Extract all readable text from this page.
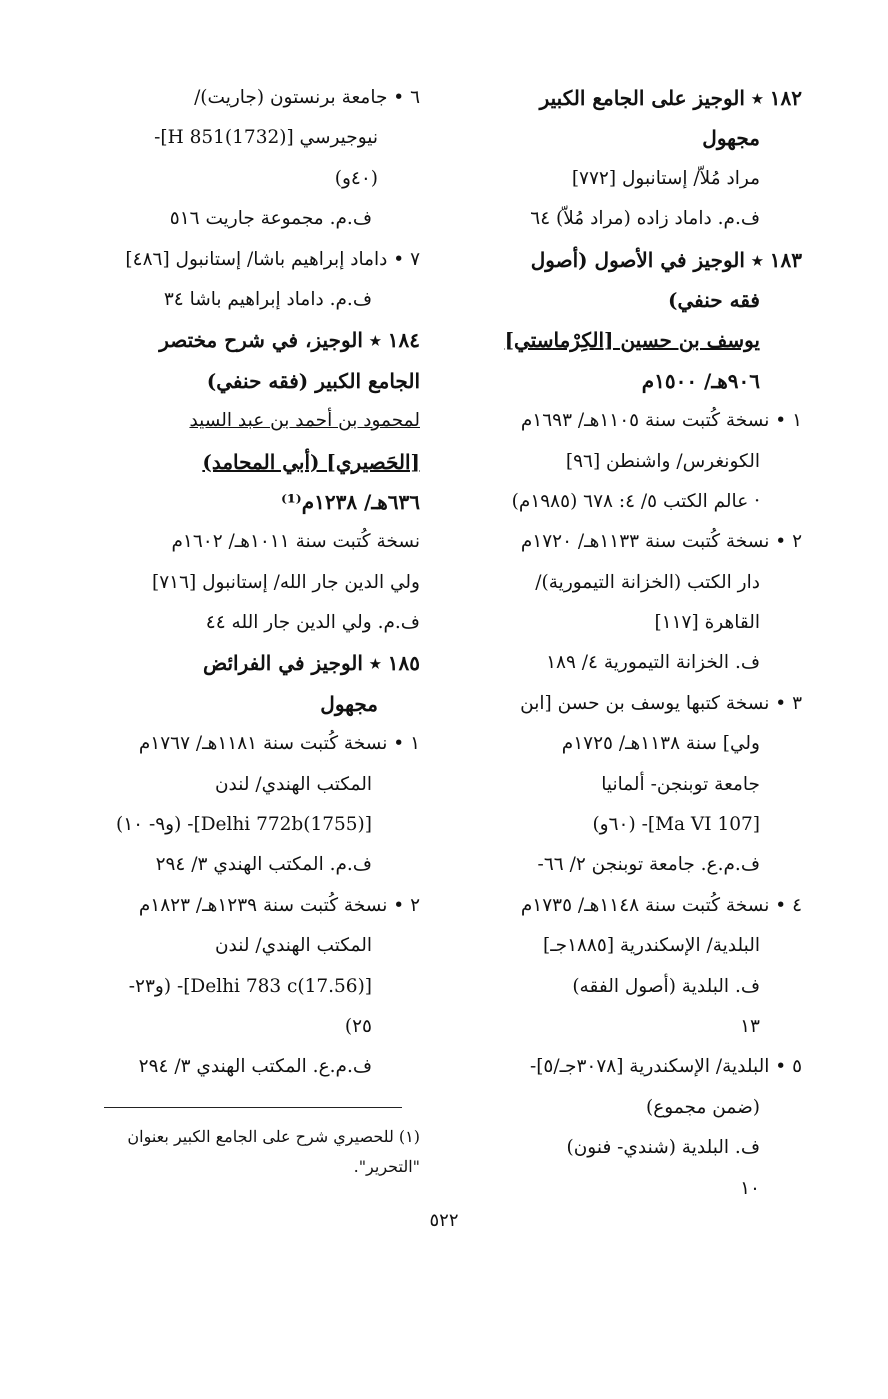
١٨٢ ٭ الوجيز على الجامع الكبير
مجهول
مراد مُلاّ/ إستانبول [٧٧٢]
ف.م. داماد زاده (مراد مُلاّ) ٦٤
١٨٣ ٭ الوجيز في الأصول (أصول
فقه حنفي)
يوسف بن حسين [الكِرْماستي]
٩٠٦هـ/ ١٥٠٠م
١ • نسخة كُتبت سنة ١١٠٥هـ/ ١٦٩٣م
الكونغرس/ واشنطن [٩٦]
· عالم الكتب ٥/ ٤: ٦٧٨ (١٩٨٥م)
٢ • نسخة كُتبت سنة ١١٣٣هـ/ ١٧٢٠م
دار الكتب (الخزانة التيمورية)/
القاهرة [١١٧]
ف. الخزانة التيمورية ٤/ ١٨٩
٣ • نسخة كتبها يوسف بن حسن [ابن
ولي] سنة ١١٣٨هـ/ ١٧٢٥م
جامعة توبنجن- ألمانيا
[Ma VI 107]- (٦٠و)
ف.م.ع. جامعة توبنجن ٢/ ٦٦-
٤ • نسخة كُتبت سنة ١١٤٨هـ/ ١٧٣٥م
البلدية/ الإسكندرية [١٨٨٥جـ]
ف. البلدية (أصول الفقه)
١٣
٥ • البلدية/ الإسكندرية [٣٠٧٨جـ/٥]-
(ضمن مجموع)
ف. البلدية (شندي- فنون)
١٠
٦ • جامعة برنستون (جاريت)/
نيوجيرسي [H 851(1732)]-
(٤٠و)
ف.م. مجموعة جاريت ٥١٦
٧ • داماد إبراهيم باشا/ إستانبول [٤٨٦]
ف.م. داماد إبراهيم باشا ٣٤
١٨٤ ٭ الوجيز، في شرح مختصر
الجامع الكبير (فقه حنفي)
لمحمود بن أحمد بن عبد السيد
[الحَصيري] (أبي المحامد)
٦٣٦هـ/ ١٢٣٨م⁽¹⁾
نسخة كُتبت سنة ١٠١١هـ/ ١٦٠٢م
ولي الدين جار الله/ إستانبول [٧١٦]
ف.م. ولي الدين جار الله ٤٤
١٨٥ ٭ الوجيز في الفرائض
مجهول
١ • نسخة كُتبت سنة ١١٨١هـ/ ١٧٦٧م
المكتب الهندي/ لندن
[Delhi 772b(1755)]- (و٩- ١٠)
ف.م. المكتب الهندي ٣/ ٢٩٤
٢ • نسخة كُتبت سنة ١٢٣٩هـ/ ١٨٢٣م
المكتب الهندي/ لندن
[Delhi 783 c(17.56)]- (و٢٣-
٢٥)
ف.م.ع. المكتب الهندي ٣/ ٢٩٤
(١) للحصيري شرح على الجامع الكبير بعنوان
"التحرير".
٥٢٢
